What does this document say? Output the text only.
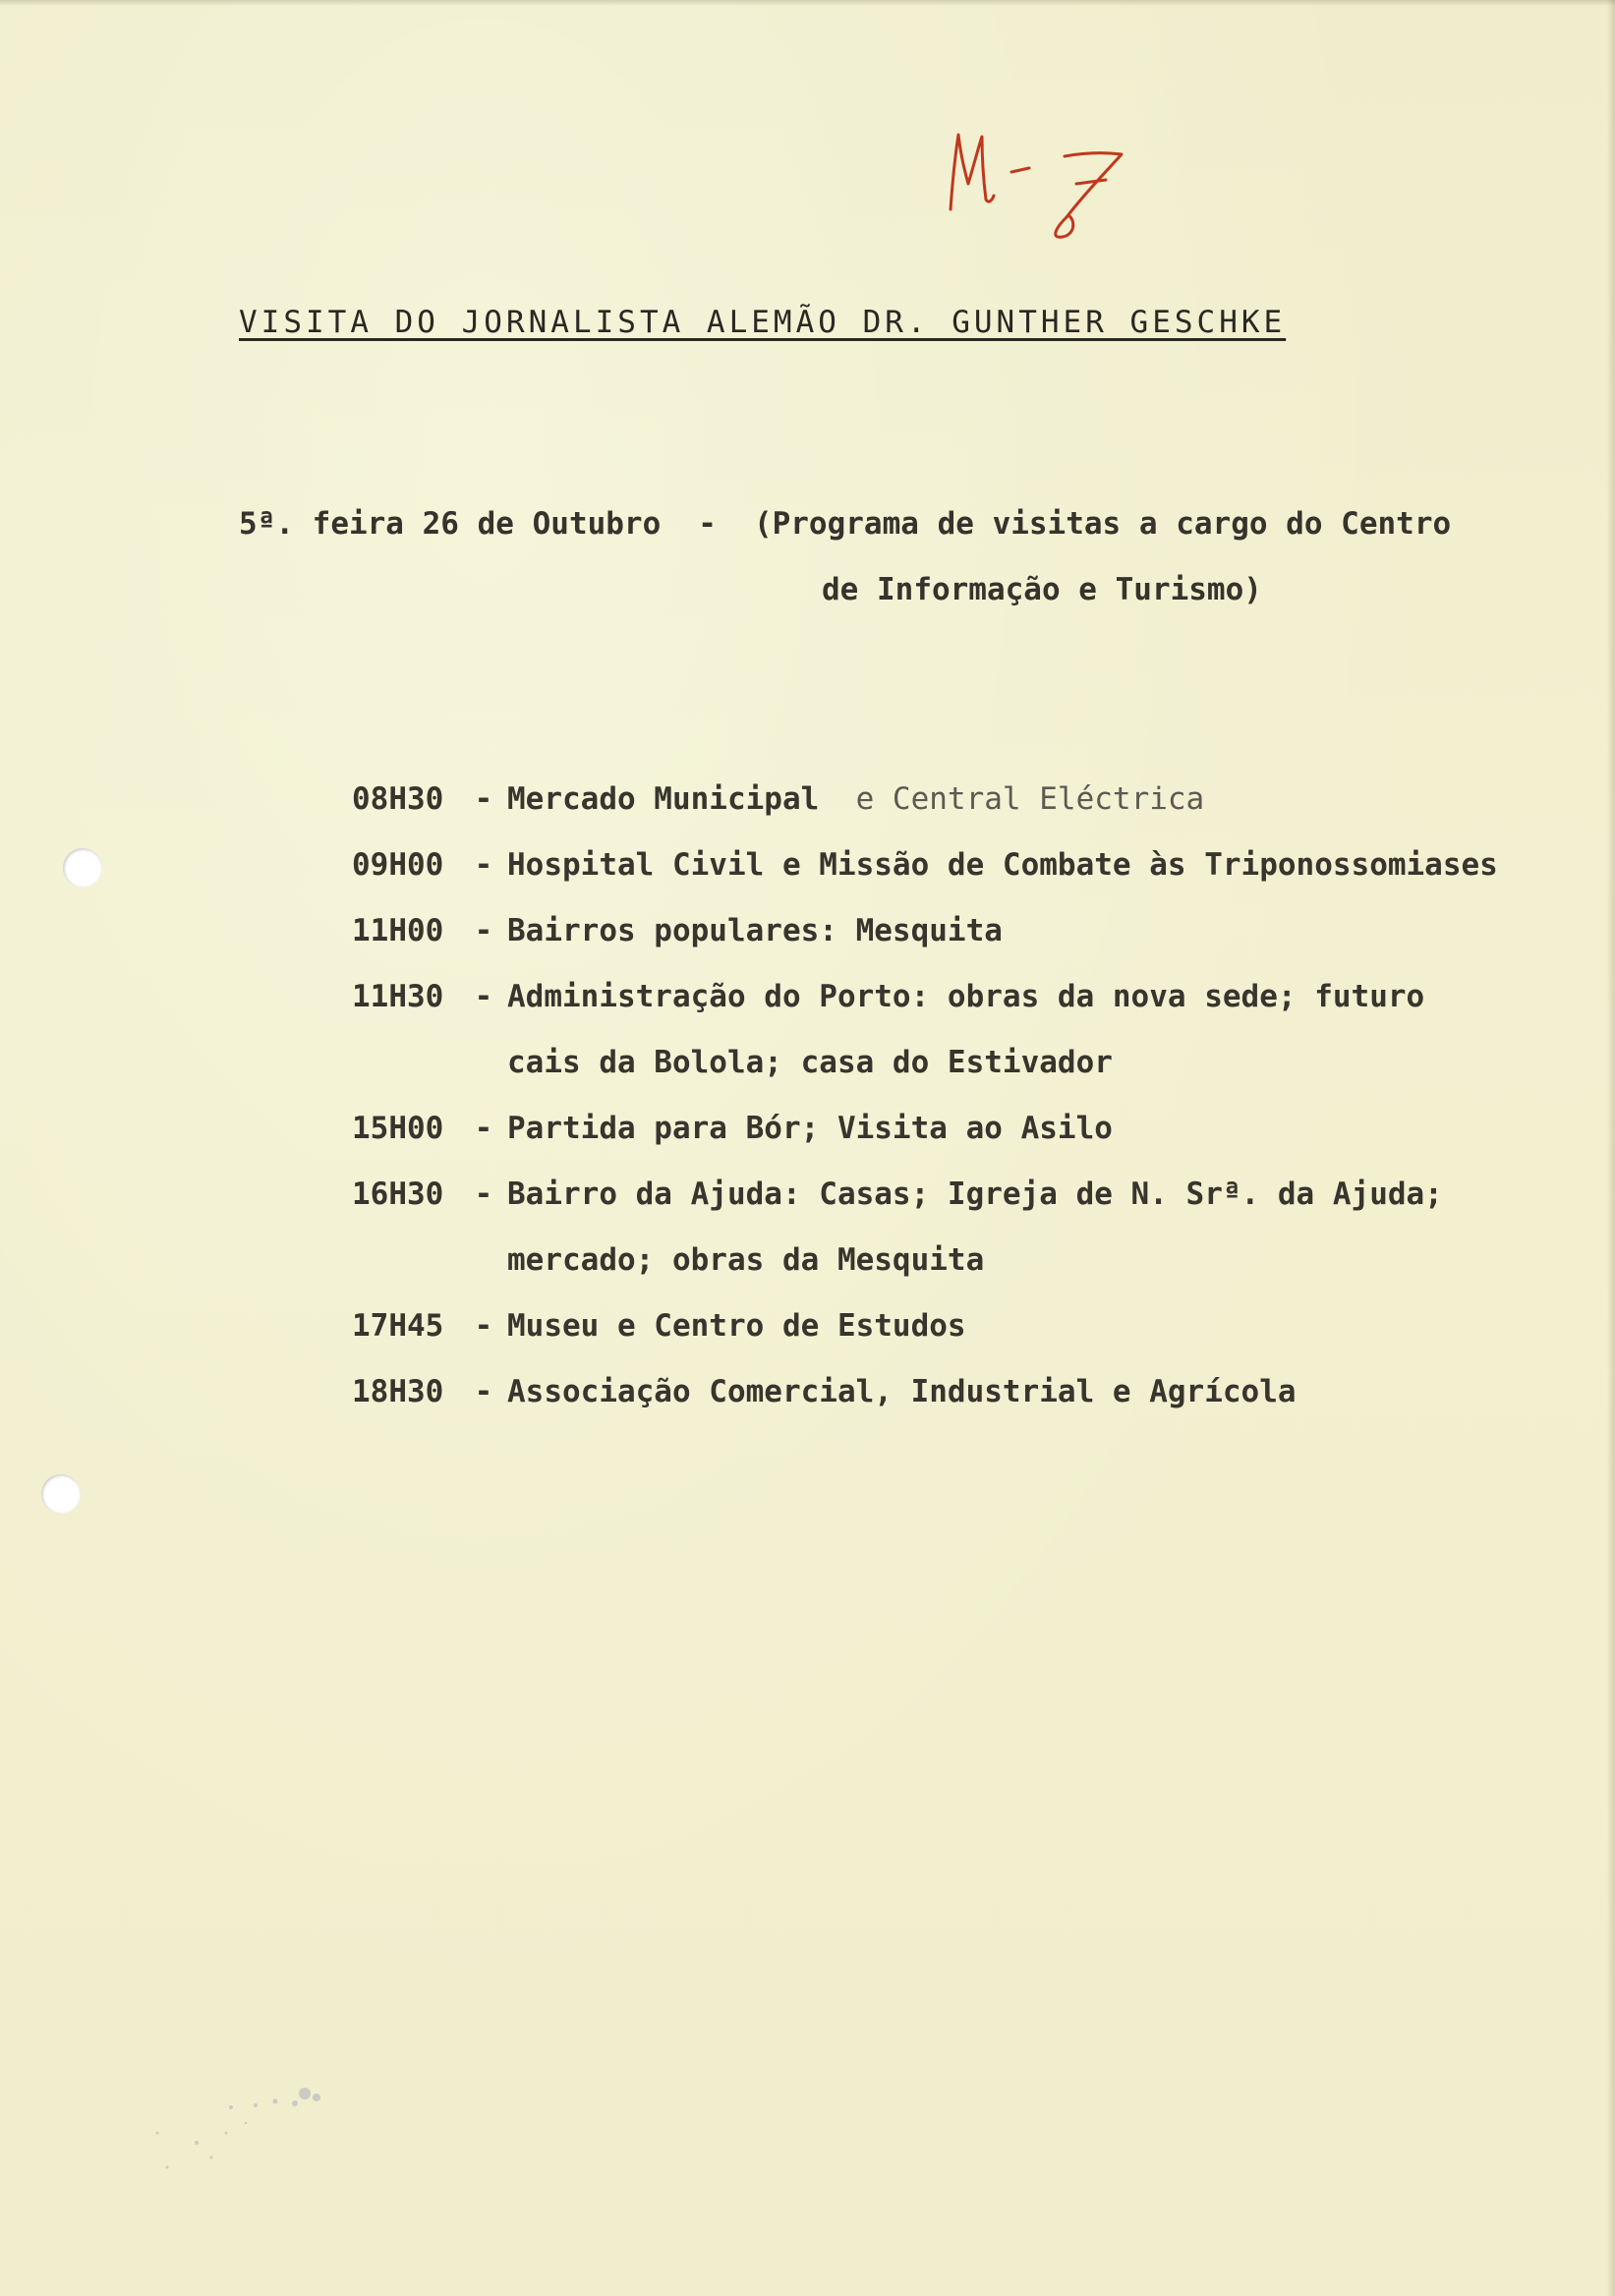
VISITA DO JORNALISTA ALEMÃO DR. GUNTHER GESCHKE
5ª. feira 26 de Outubro - (Programa de visitas a cargo do Centro
de Informação e Turismo)
08H30	- Mercado Municipal e Central Eléctrica
09H00	- Hospital Civil e Missão de Combate às Triponossomiases
11H00	- Bairros populares: Mesquita
11H30	- Administração do Porto: obras da nova sede; futuro
cais da Bolola; casa do Estivador
15H00	- Partida para Bór; Visita ao Asilo
16H30	- Bairro da Ajuda: Casas; Igreja de N. Srª. da Ajuda;
mercado; obras da Mesquita
17H45	- Museu e Centro de Estudos
18H30	- Associação Comercial, Industrial e Agrícola
